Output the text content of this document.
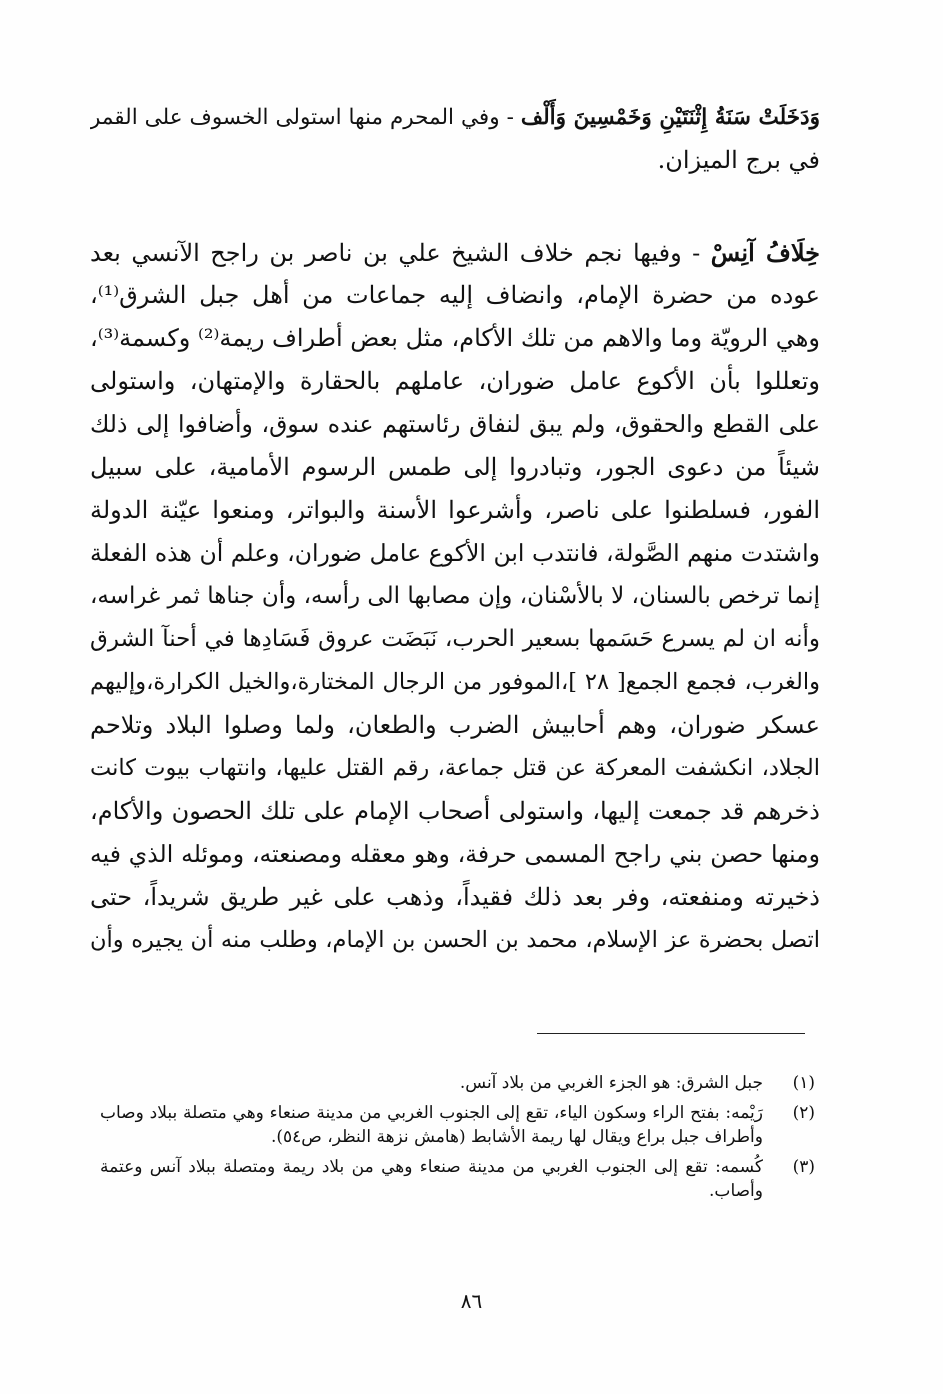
وَدَخَلَتْ سَنَةُ إِثْنَتَيْنِ وَخَمْسِينَ وَأَلْف - وفي المحرم منها استولى الخسوف على القمر
في برج الميزان.
خِلَافُ آنِسْ - وفيها نجم خلاف الشيخ علي بن ناصر بن راجح الآنسي بعد
عوده من حضرة الإمام، وانضاف إليه جماعات من أهل جبل الشرق⁽¹⁾،
وهي الرويّة وما والاهم من تلك الأكام، مثل بعض أطراف ريمة⁽²⁾ وكسمة⁽³⁾،
وتعللوا بأن الأكوع عامل ضوران، عاملهم بالحقارة والإمتهان، واستولى
على القطع والحقوق، ولم يبق لنفاق رئاستهم عنده سوق، وأضافوا إلى ذلك
شيئاً من دعوى الجور، وتبادروا إلى طمس الرسوم الأمامية، على سبيل
الفور، فسلطنوا على ناصر، وأشرعوا الأسنة والبواتر، ومنعوا عيّنة الدولة
واشتدت منهم الصَّولة، فانتدب ابن الأكوع عامل ضوران، وعلم أن هذه الفعلة
إنما ترخص بالسنان، لا بالأسْنان، وإن مصابها الى رأسه، وأن جناها ثمر غراسه،
وأنه ان لم يسرع حَسَمها بسعير الحرب، نَبَضَت عروق فَسَادِها في أحنآ الشرق
والغرب، فجمع الجمع[ ٢٨ ]،الموفور من الرجال المختارة،والخيل الكرارة،وإليهم
عسكر ضوران، وهم أحابيش الضرب والطعان، ولما وصلوا البلاد وتلاحم
الجلاد، انكشفت المعركة عن قتل جماعة، رقم القتل عليها، وانتهاب بيوت كانت
ذخرهم قد جمعت إليها، واستولى أصحاب الإمام على تلك الحصون والأكام،
ومنها حصن بني راجح المسمى حرفة، وهو معقله ومصنعته، وموئله الذي فيه
ذخيرته ومنفعته، وفر بعد ذلك فقيداً، وذهب على غير طريق شريداً، حتى
اتصل بحضرة عز الإسلام، محمد بن الحسن بن الإمام، وطلب منه أن يجيره وأن
(١)
جبل الشرق: هو الجزء الغربي من بلاد آنس.
(٢)
رَيْمه: بفتح الراء وسكون الياء، تقع إلى الجنوب الغربي من مدينة صنعاء وهي متصلة ببلاد وصاب وأطراف جبل براع ويقال لها ريمة الأشابط (هامش نزهة النظر، ص٥٤).
(٣)
كُسمه: تقع إلى الجنوب الغربي من مدينة صنعاء وهي من بلاد ريمة ومتصلة ببلاد آنس وعتمة وأصاب.
٨٦
